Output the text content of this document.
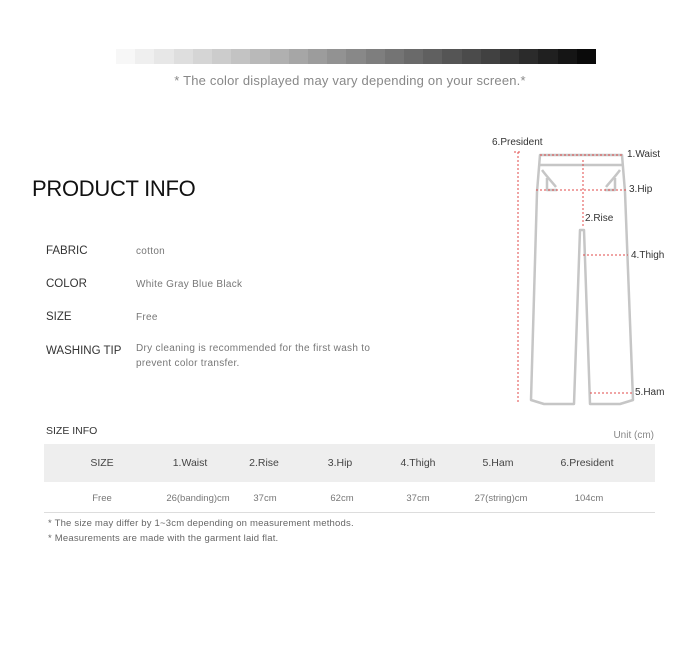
* The color displayed may vary depending on your screen.*
PRODUCT INFO
FABRIC	cotton
COLOR	White Gray Blue Black
SIZE	Free
WASHING TIP Dry cleaning is recommended for the first wash to
prevent color transfer.
6.President
1.Waist
3.Hip
2.Rise
4.Thigh
5.Ham
SIZE INFO	Unit (cm)
SIZE	1.Waist	2.Rise	3.Hip	4.Thigh	5.Ham	6.President
Free	26(banding)cm 37cm	62cm	37cm	27(string)cm	104cm
* The size may differ by 1~3cm depending on measurement methods.
* Measurements are made with the garment laid flat.
